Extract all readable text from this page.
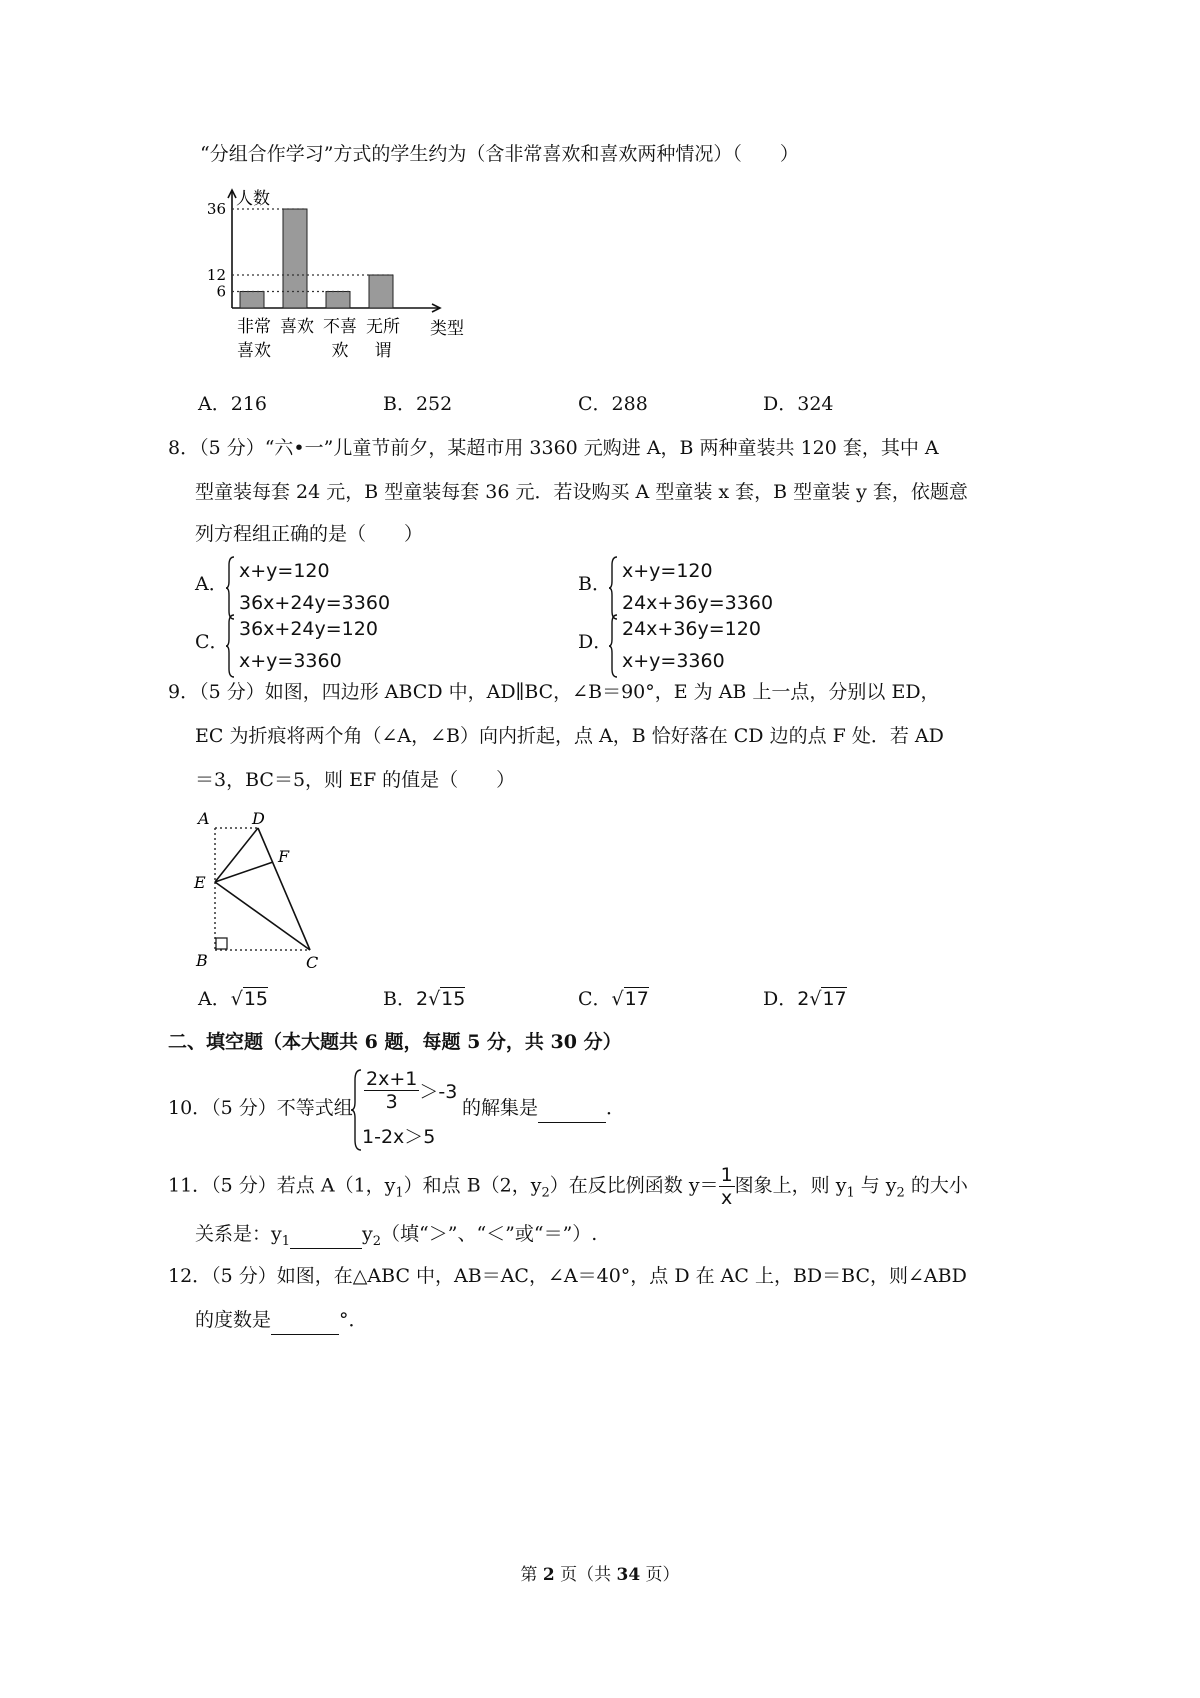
“分组合作学习”方式的学生约为（含非常喜欢和喜欢两种情况）（　　）
人数
类型
非常
喜欢
喜欢 不喜
欢
无所
谓
36
12
6
A．216	B．252	C．288	D．324
8．（5 分）“六•一”儿童节前夕，某超市用 3360 元购进 A，B 两种童装共 120 套，其中 A
型童装每套 24 元，B 型童装每套 36 元．若设购买 A 型童装 x 套，B 型童装 y 套，依题意
列方程组正确的是（　　）
A．
x+y=120
36x+24y=3360
B．
x+y=120
24x+36y=3360
C．
36x+24y=120
x+y=3360
D．
24x+36y=120
x+y=3360
9．（5 分）如图，四边形 ABCD 中，AD∥BC，∠B＝90°，E 为 AB 上一点，分别以 ED，
EC 为折痕将两个角（∠A，∠B）向内折起，点 A，B 恰好落在 CD 边的点 F 处．若 AD
＝3，BC＝5，则 EF 的值是（　　）
A	D
F
E
B	C
A．√15	B．2√15	C．√17	D．2√17
二、填空题（本大题共 6 题，每题 5 分，共 30 分）
10．（5 分）不等式组 $\frac{2x+1}{3} >-3$
1-2x＞5
的解集是	．
11．（5 分）若点 A（1，$y_1$）和点 B（2，$y_2$）在反比例函数 $y= \frac{1}{x}$ 图象上，则 $y_1$ 与 $y_2$ 的大小
关系是：$y_1$	$y_2$（填“＞”、“＜”或“＝”）.
12．（5 分）如图，在△ABC 中，AB＝AC，∠A＝40°，点 D 在 AC 上，BD＝BC，则∠ABD
的度数是	°．
第 2 页（共 34 页）
